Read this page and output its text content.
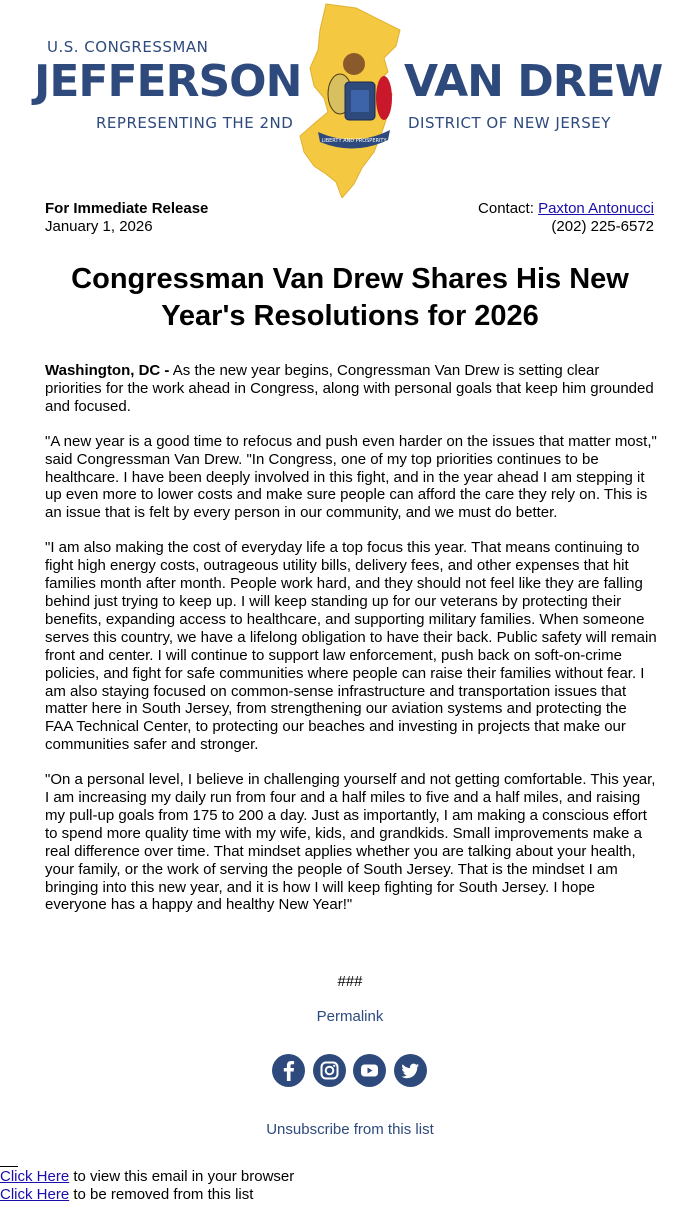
U.S. CONGRESSMAN
JEFFERSON VAN DREW
REPRESENTING THE 2ND	DISTRICT OF NEW JERSEY
LIBERTY AND PROSPERITY
For Immediate Release
January 1, 2026
Contact: Paxton Antonucci
(202) 225-6572
Congressman Van Drew Shares His New Year's Resolutions for 2026

Washington, DC - As the new year begins, Congressman Van Drew is setting clear priorities for the work ahead in Congress, along with personal goals that keep him grounded and focused.

"A new year is a good time to refocus and push even harder on the issues that matter most," said Congressman Van Drew. "In Congress, one of my top priorities continues to be healthcare. I have been deeply involved in this fight, and in the year ahead I am stepping it up even more to lower costs and make sure people can afford the care they rely on. This is an issue that is felt by every person in our community, and we must do better.

"I am also making the cost of everyday life a top focus this year. That means continuing to fight high energy costs, outrageous utility bills, delivery fees, and other expenses that hit families month after month. People work hard, and they should not feel like they are falling behind just trying to keep up. I will keep standing up for our veterans by protecting their benefits, expanding access to healthcare, and supporting military families. When someone serves this country, we have a lifelong obligation to have their back. Public safety will remain front and center. I will continue to support law enforcement, push back on soft-on-crime policies, and fight for safe communities where people can raise their families without fear. I am also staying focused on common-sense infrastructure and transportation issues that matter here in South Jersey, from strengthening our aviation systems and protecting the FAA Technical Center, to protecting our beaches and investing in projects that make our communities safer and stronger.

"On a personal level, I believe in challenging yourself and not getting comfortable. This year, I am increasing my daily run from four and a half miles to five and a half miles, and raising my pull-up goals from 175 to 200 a day. Just as importantly, I am making a conscious effort to spend more quality time with my wife, kids, and grandkids. Small improvements make a real difference over time. That mindset applies whether you are talking about your health, your family, or the work of serving the people of South Jersey. That is the mindset I am bringing into this new year, and it is how I will keep fighting for South Jersey. I hope everyone has a happy and healthy New Year!"

###
Permalink
Unsubscribe from this list
Click Here to view this email in your browser
Click Here to be removed from this list
